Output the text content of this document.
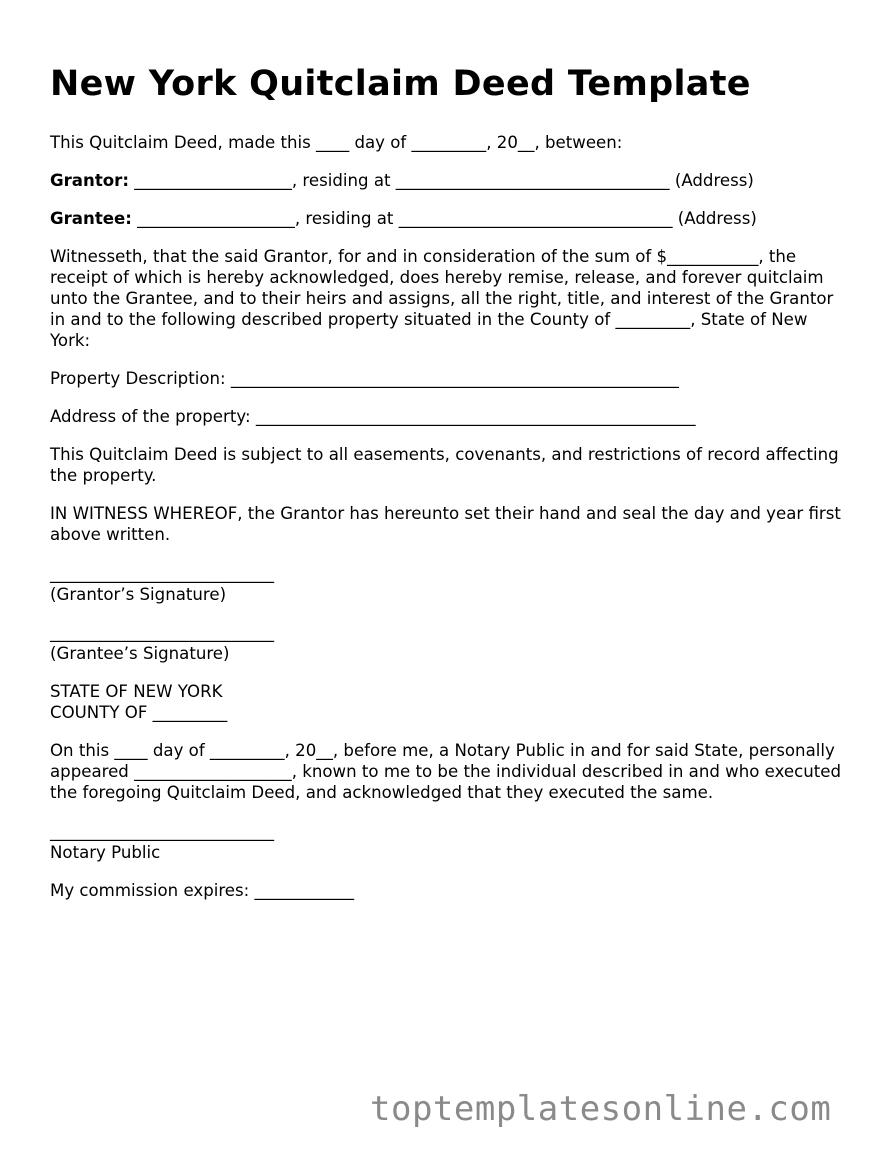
New York Quitclaim Deed Template

This Quitclaim Deed, made this ____ day of _________, 20__, between:

Grantor: ___________________, residing at _________________________________ (Address)

Grantee: ___________________, residing at _________________________________ (Address)

Witnesseth, that the said Grantor, for and in consideration of the sum of $___________, the receipt of which is hereby acknowledged, does hereby remise, release, and forever quitclaim unto the Grantee, and to their heirs and assigns, all the right, title, and interest of the Grantor in and to the following described property situated in the County of _________, State of New York:

Property Description: ______________________________________________________

Address of the property: _____________________________________________________

This Quitclaim Deed is subject to all easements, covenants, and restrictions of record affecting the property.

IN WITNESS WHEREOF, the Grantor has hereunto set their hand and seal the day and year first above written.

___________________________

(Grantor’s Signature)

___________________________

(Grantee’s Signature)

STATE OF NEW YORK

COUNTY OF _________

On this ____ day of _________, 20__, before me, a Notary Public in and for said State, personally appeared ___________________, known to me to be the individual described in and who executed the foregoing Quitclaim Deed, and acknowledged that they executed the same.

___________________________

Notary Public

My commission expires: ____________

toptemplatesonline.com
